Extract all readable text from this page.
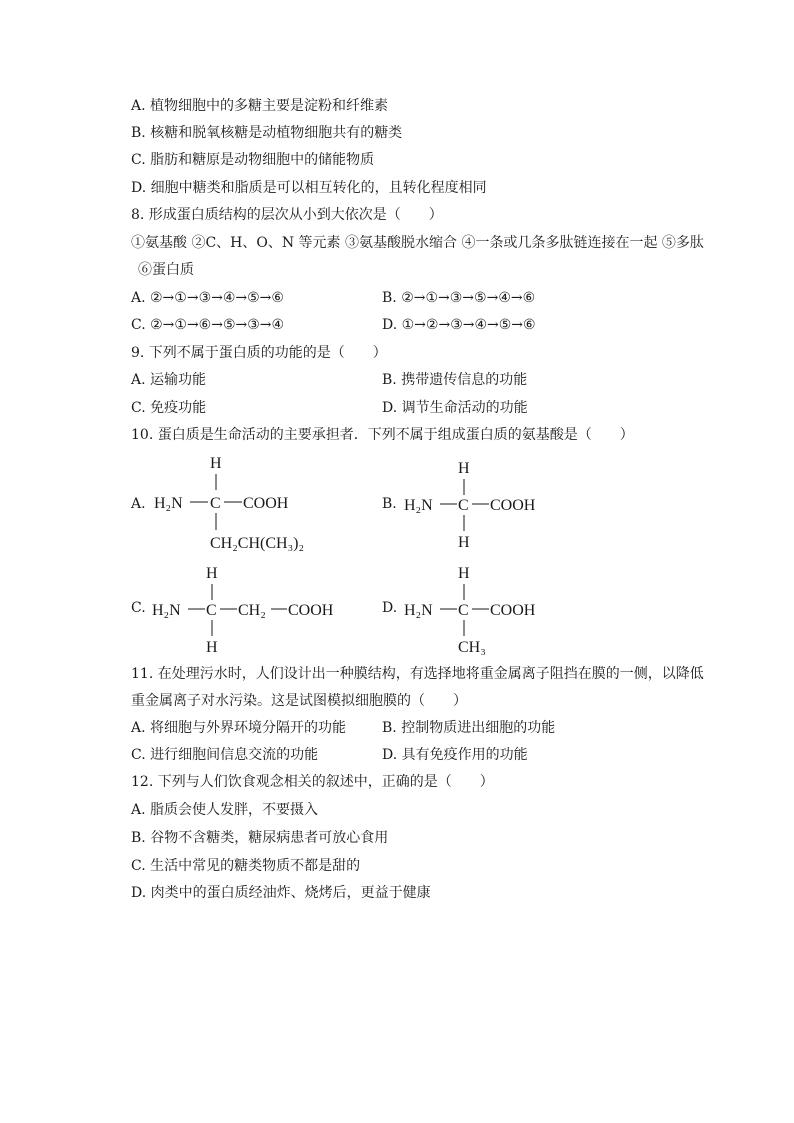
A. 植物细胞中的多糖主要是淀粉和纤维素
B. 核糖和脱氧核糖是动植物细胞共有的糖类
C. 脂肪和糖原是动物细胞中的储能物质
D. 细胞中糖类和脂质是可以相互转化的，且转化程度相同
8. 形成蛋白质结构的层次从小到大依次是（　　）
①氨基酸 ②C、H、O、N 等元素 ③氨基酸脱水缩合 ④一条或几条多肽链连接在一起 ⑤多肽
⑥蛋白质
A. ②→①→③→④→⑤→⑥	B. ②→①→③→⑤→④→⑥
C. ②→①→⑥→⑤→③→④	D. ①→②→③→④→⑤→⑥
9. 下列不属于蛋白质的功能的是（　　）
A. 运输功能	B. 携带遗传信息的功能
C. 免疫功能	D. 调节生命活动的功能
10. 蛋白质是生命活动的主要承担者．下列不属于组成蛋白质的氨基酸是（　　）
A.
H
H₂N C COOH
CH₂CH(CH₃)₂
B.
H
H₂N C COOH
H
C.
H
H₂N C CH₂ COOH
H
D.
H
H₂N C COOH
CH₃
11. 在处理污水时，人们设计出一种膜结构，有选择地将重金属离子阻挡在膜的一侧，以降低
重金属离子对水污染。这是试图模拟细胞膜的（　　）
A. 将细胞与外界环境分隔开的功能	B. 控制物质进出细胞的功能
C. 进行细胞间信息交流的功能	D. 具有免疫作用的功能
12. 下列与人们饮食观念相关的叙述中，正确的是（　　）
A. 脂质会使人发胖，不要摄入
B. 谷物不含糖类，糖尿病患者可放心食用
C. 生活中常见的糖类物质不都是甜的
D. 肉类中的蛋白质经油炸、烧烤后，更益于健康
